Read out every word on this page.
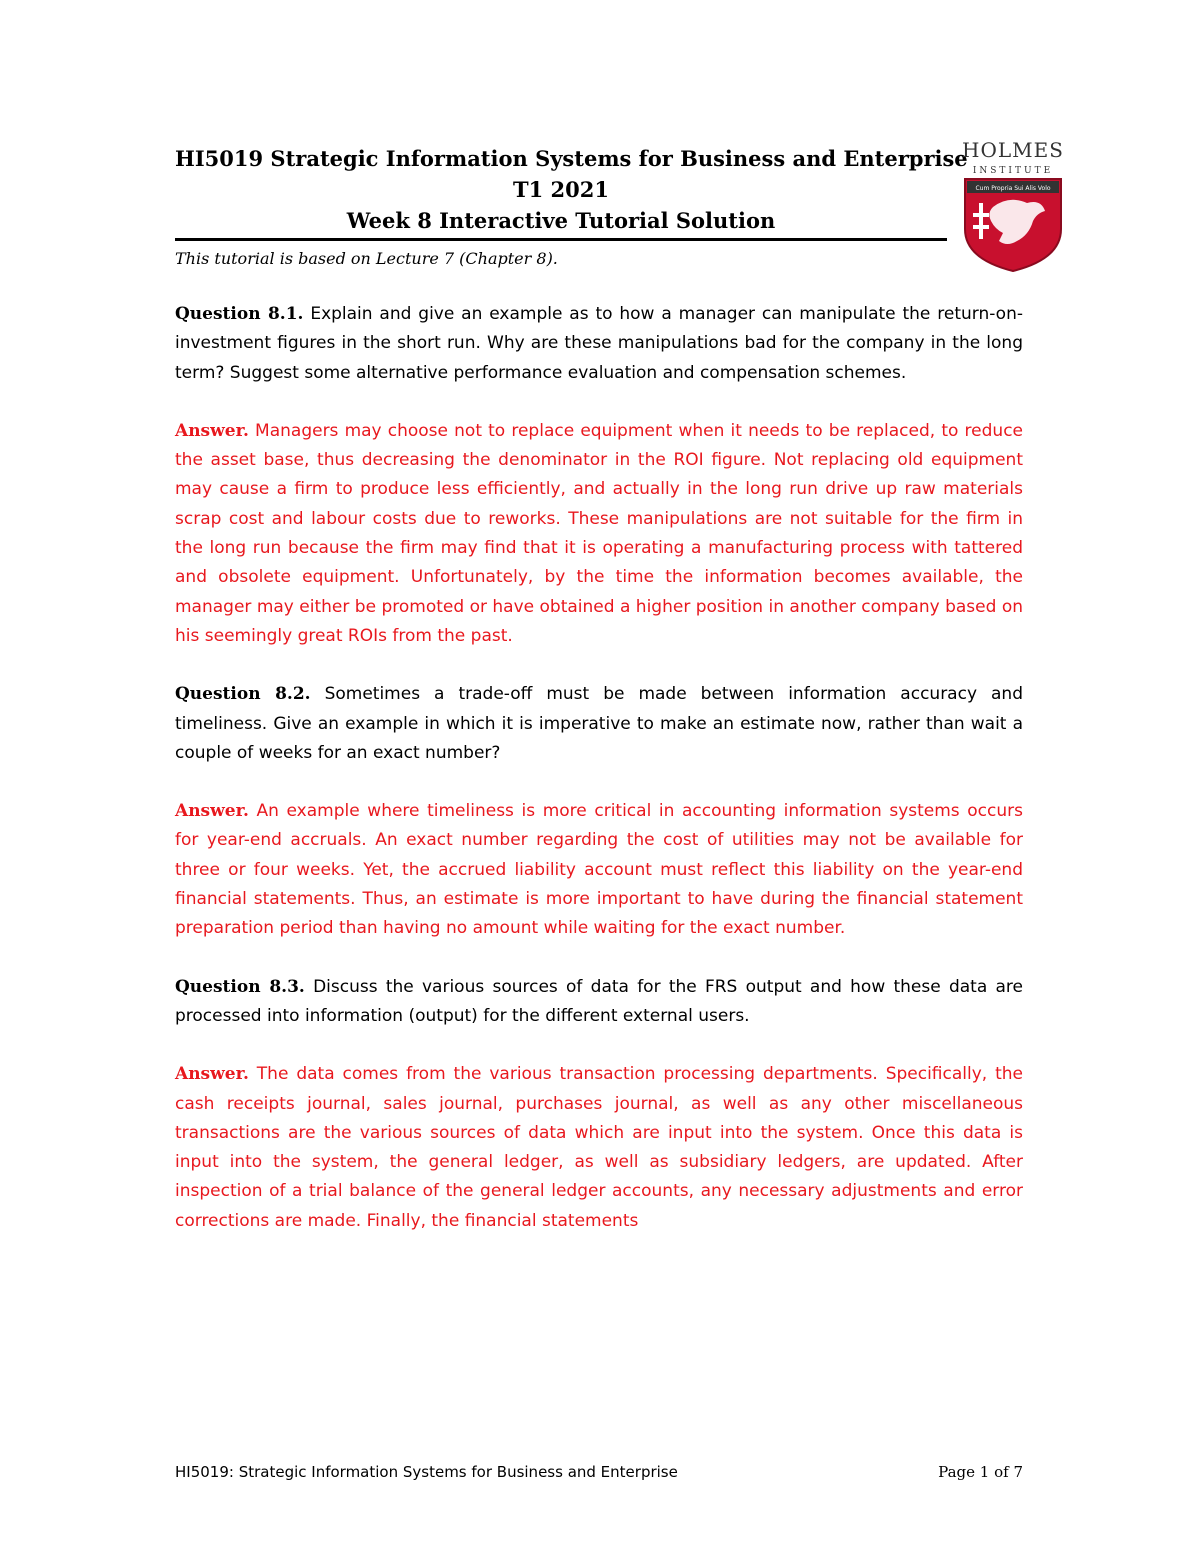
HI5019 Strategic Information Systems for Business and Enterprise
T1 2021
Week 8 Interactive Tutorial Solution
HOLMES
INSTITUTE
Cum Propria Sui Alis Volo
This tutorial is based on Lecture 7 (Chapter 8).

Question 8.1. Explain and give an example as to how a manager can manipulate the return-on-investment figures in the short run. Why are these manipulations bad for the company in the long term? Suggest some alternative performance evaluation and compensation schemes.

Answer. Managers may choose not to replace equipment when it needs to be replaced, to reduce the asset base, thus decreasing the denominator in the ROI figure. Not replacing old equipment may cause a firm to produce less efficiently, and actually in the long run drive up raw materials scrap cost and labour costs due to reworks. These manipulations are not suitable for the firm in the long run because the firm may find that it is operating a manufacturing process with tattered and obsolete equipment. Unfortunately, by the time the information becomes available, the manager may either be promoted or have obtained a higher position in another company based on his seemingly great ROIs from the past.

Question 8.2. Sometimes a trade-off must be made between information accuracy and timeliness. Give an example in which it is imperative to make an estimate now, rather than wait a couple of weeks for an exact number?

Answer. An example where timeliness is more critical in accounting information systems occurs for year-end accruals. An exact number regarding the cost of utilities may not be available for three or four weeks. Yet, the accrued liability account must reflect this liability on the year-end financial statements. Thus, an estimate is more important to have during the financial statement preparation period than having no amount while waiting for the exact number.

Question 8.3. Discuss the various sources of data for the FRS output and how these data are processed into information (output) for the different external users.

Answer. The data comes from the various transaction processing departments. Specifically, the cash receipts journal, sales journal, purchases journal, as well as any other miscellaneous transactions are the various sources of data which are input into the system. Once this data is input into the system, the general ledger, as well as subsidiary ledgers, are updated. After inspection of a trial balance of the general ledger accounts, any necessary adjustments and error corrections are made. Finally, the financial statements

HI5019: Strategic Information Systems for Business and Enterprise	Page 1 of 7
